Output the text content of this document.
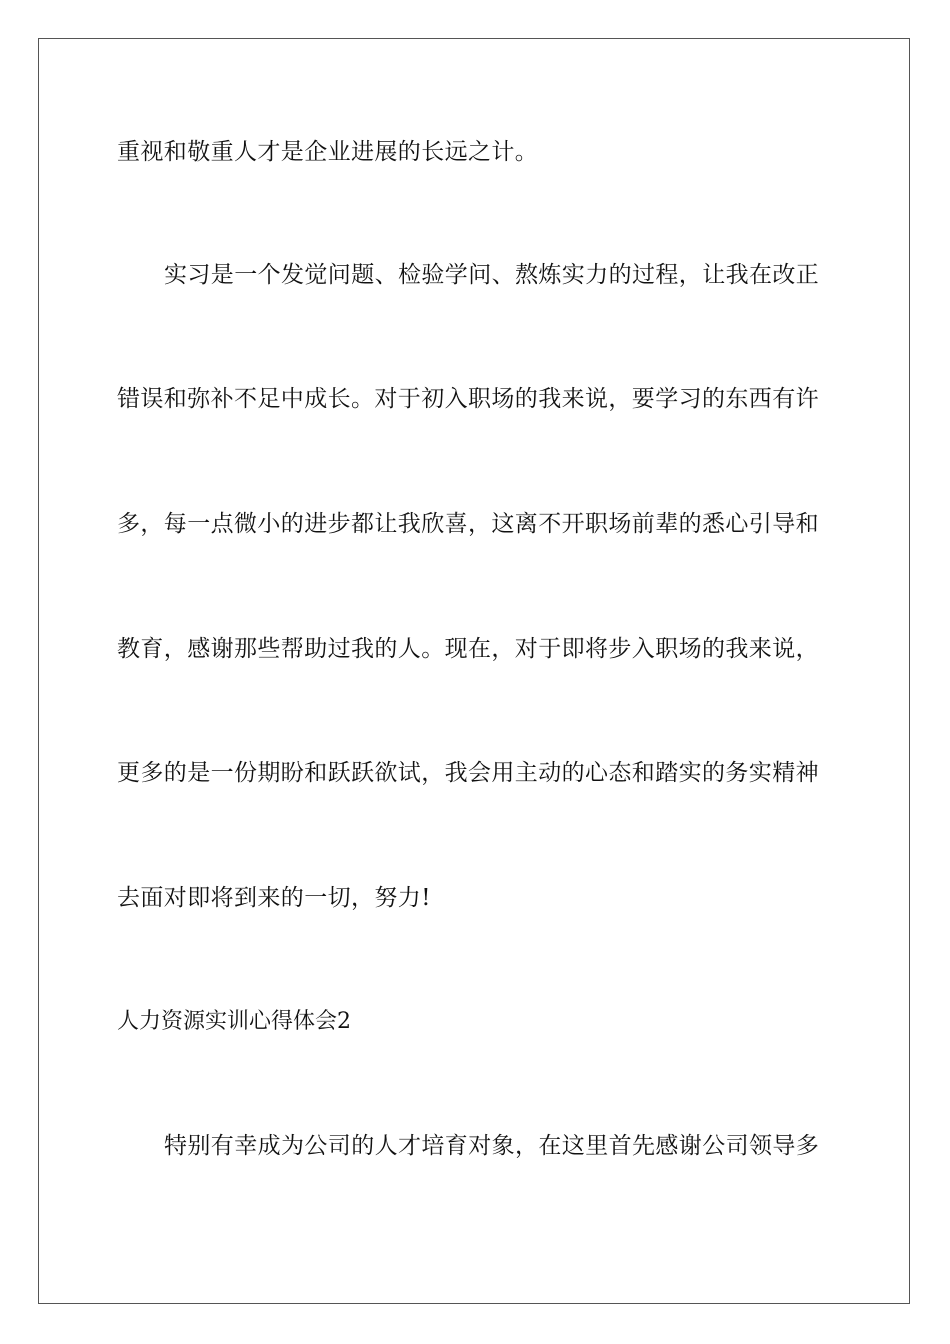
重视和敬重人才是企业进展的长远之计。

实习是一个发觉问题、检验学问、熬炼实力的过程，让我在改正

错误和弥补不足中成长。对于初入职场的我来说，要学习的东西有许

多，每一点微小的进步都让我欣喜，这离不开职场前辈的悉心引导和

教育，感谢那些帮助过我的人。现在，对于即将步入职场的我来说，

更多的是一份期盼和跃跃欲试，我会用主动的心态和踏实的务实精神

去面对即将到来的一切，努力!

人力资源实训心得体会2

特别有幸成为公司的人才培育对象，在这里首先感谢公司领导多
